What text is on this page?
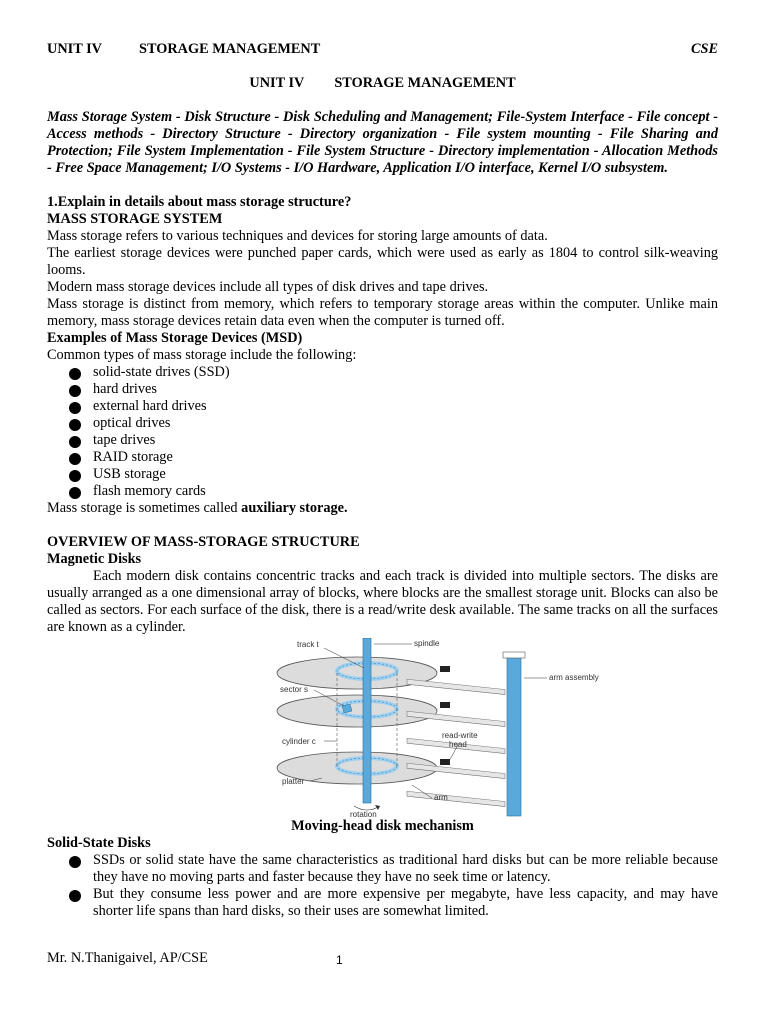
UNIT IV	STORAGE MANAGEMENT	CSE
UNIT IV STORAGE MANAGEMENT

Mass Storage System - Disk Structure - Disk Scheduling and Management; File-System Interface - File concept - Access methods - Directory Structure - Directory organization - File system mounting - File Sharing and Protection; File System Implementation - File System Structure - Directory implementation - Allocation Methods - Free Space Management; I/O Systems - I/O Hardware, Application I/O interface, Kernel I/O subsystem.

1.Explain in details about mass storage structure?
MASS STORAGE SYSTEM

Mass storage refers to various techniques and devices for storing large amounts of data.

The earliest storage devices were punched paper cards, which were used as early as 1804 to control silk-weaving looms.

Modern mass storage devices include all types of disk drives and tape drives.

Mass storage is distinct from memory, which refers to temporary storage areas within the computer. Unlike main memory, mass storage devices retain data even when the computer is turned off.

Examples of Mass Storage Devices (MSD)

Common types of mass storage include the following:

solid-state drives (SSD)
hard drives
external hard drives
optical drives
tape drives
RAID storage
USB storage
flash memory cards

Mass storage is sometimes called auxiliary storage.

OVERVIEW OF MASS-STORAGE STRUCTURE
Magnetic Disks

Each modern disk contains concentric tracks and each track is divided into multiple sectors. The disks are usually arranged as a one dimensional array of blocks, where blocks are the smallest storage unit. Blocks can also be called as sectors. For each surface of the disk, there is a read/write desk available. The same tracks on all the surfaces are known as a cylinder.

track t	spindle
arm assembly
sector s
cylinder c
read-write
head
platter
arm
rotation
Moving-head disk mechanism
Solid-State Disks
SSDs or solid state have the same characteristics as traditional hard disks but can be more reliable because they have no moving parts and faster because they have no seek time or latency.
But they consume less power and are more expensive per megabyte, have less capacity, and may have shorter life spans than hard disks, so their uses are somewhat limited.
Mr. N.Thanigaivel, AP/CSE	1
